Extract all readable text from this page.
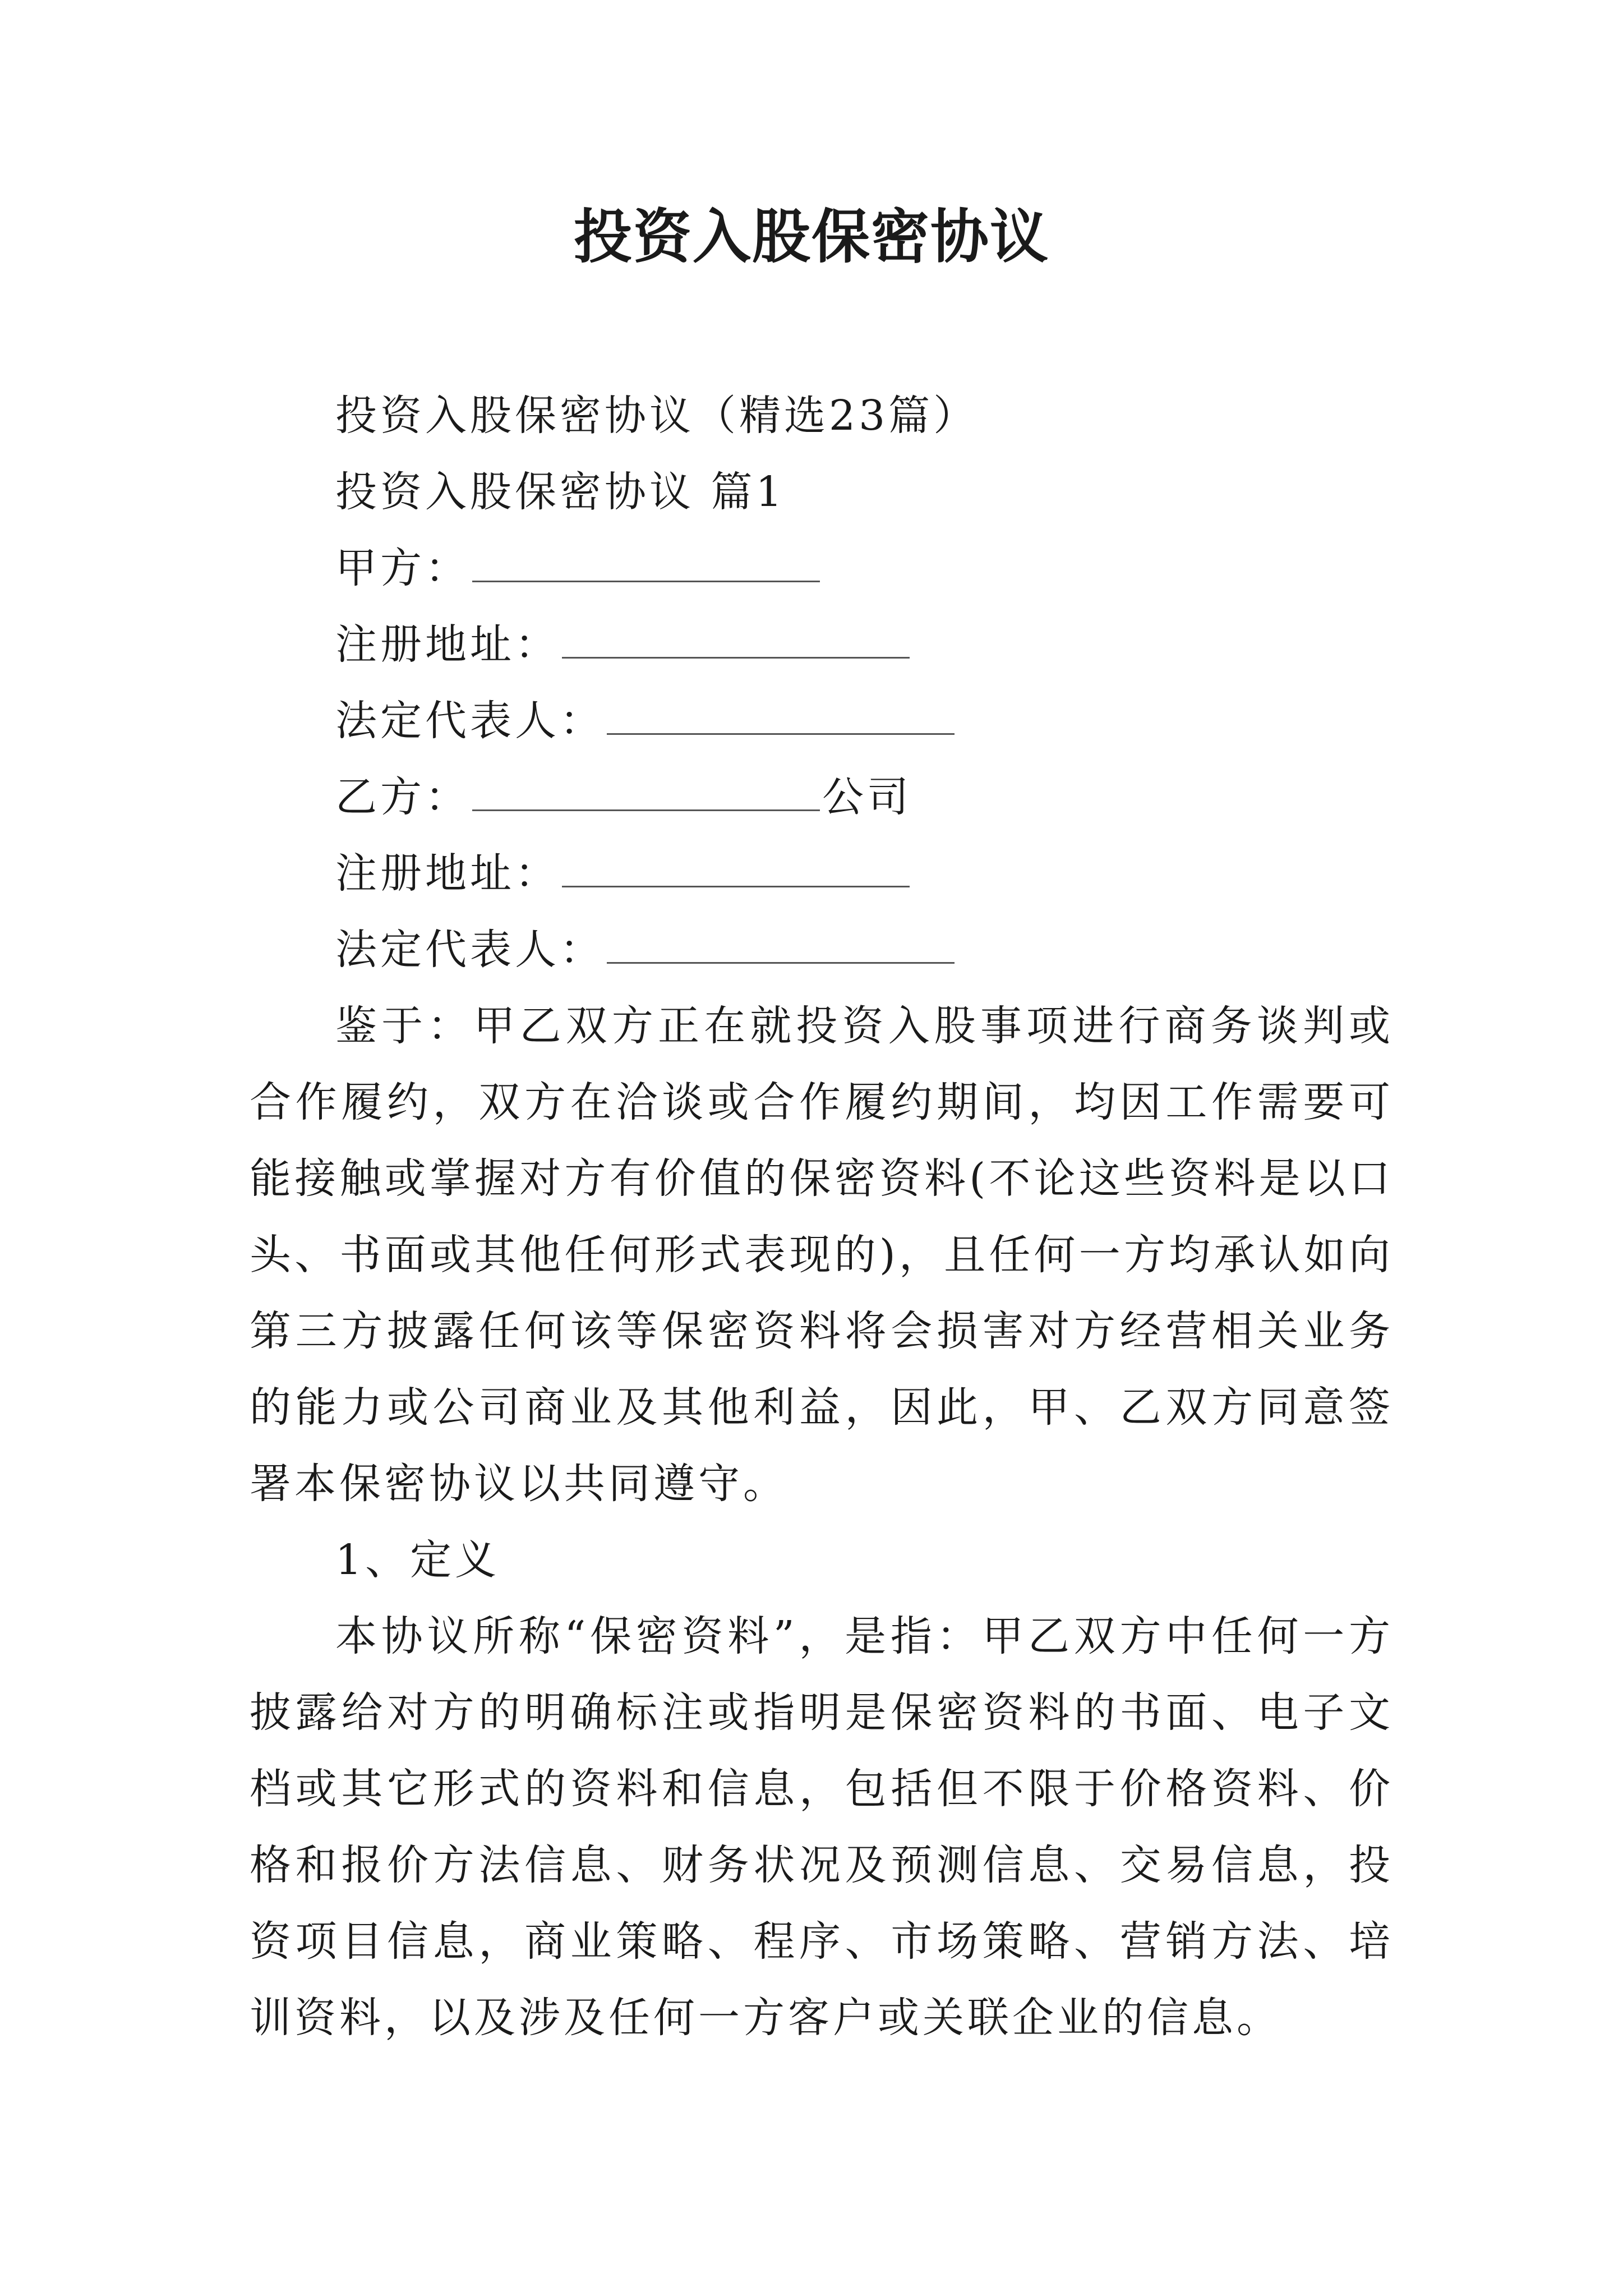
投资入股保密协议

投资入股保密协议（精选23篇）

投资入股保密协议 篇1

甲方：

注册地址：

法定代表人：

乙方：	公司

注册地址：

法定代表人：

鉴于：甲乙双方正在就投资入股事项进行商务谈判或合作履约，双方在洽谈或合作履约期间，均因工作需要可能接触或掌握对方有价值的保密资料(不论这些资料是以口头、书面或其他任何形式表现的)，且任何一方均承认如向第三方披露任何该等保密资料将会损害对方经营相关业务的能力或公司商业及其他利益，因此，甲、乙双方同意签署本保密协议以共同遵守。

1、定义

本协议所称“保密资料”，是指：甲乙双方中任何一方披露给对方的明确标注或指明是保密资料的书面、电子文档或其它形式的资料和信息，包括但不限于价格资料、价格和报价方法信息、财务状况及预测信息、交易信息，投资项目信息，商业策略、程序、市场策略、营销方法、培训资料，以及涉及任何一方客户或关联企业的信息。
